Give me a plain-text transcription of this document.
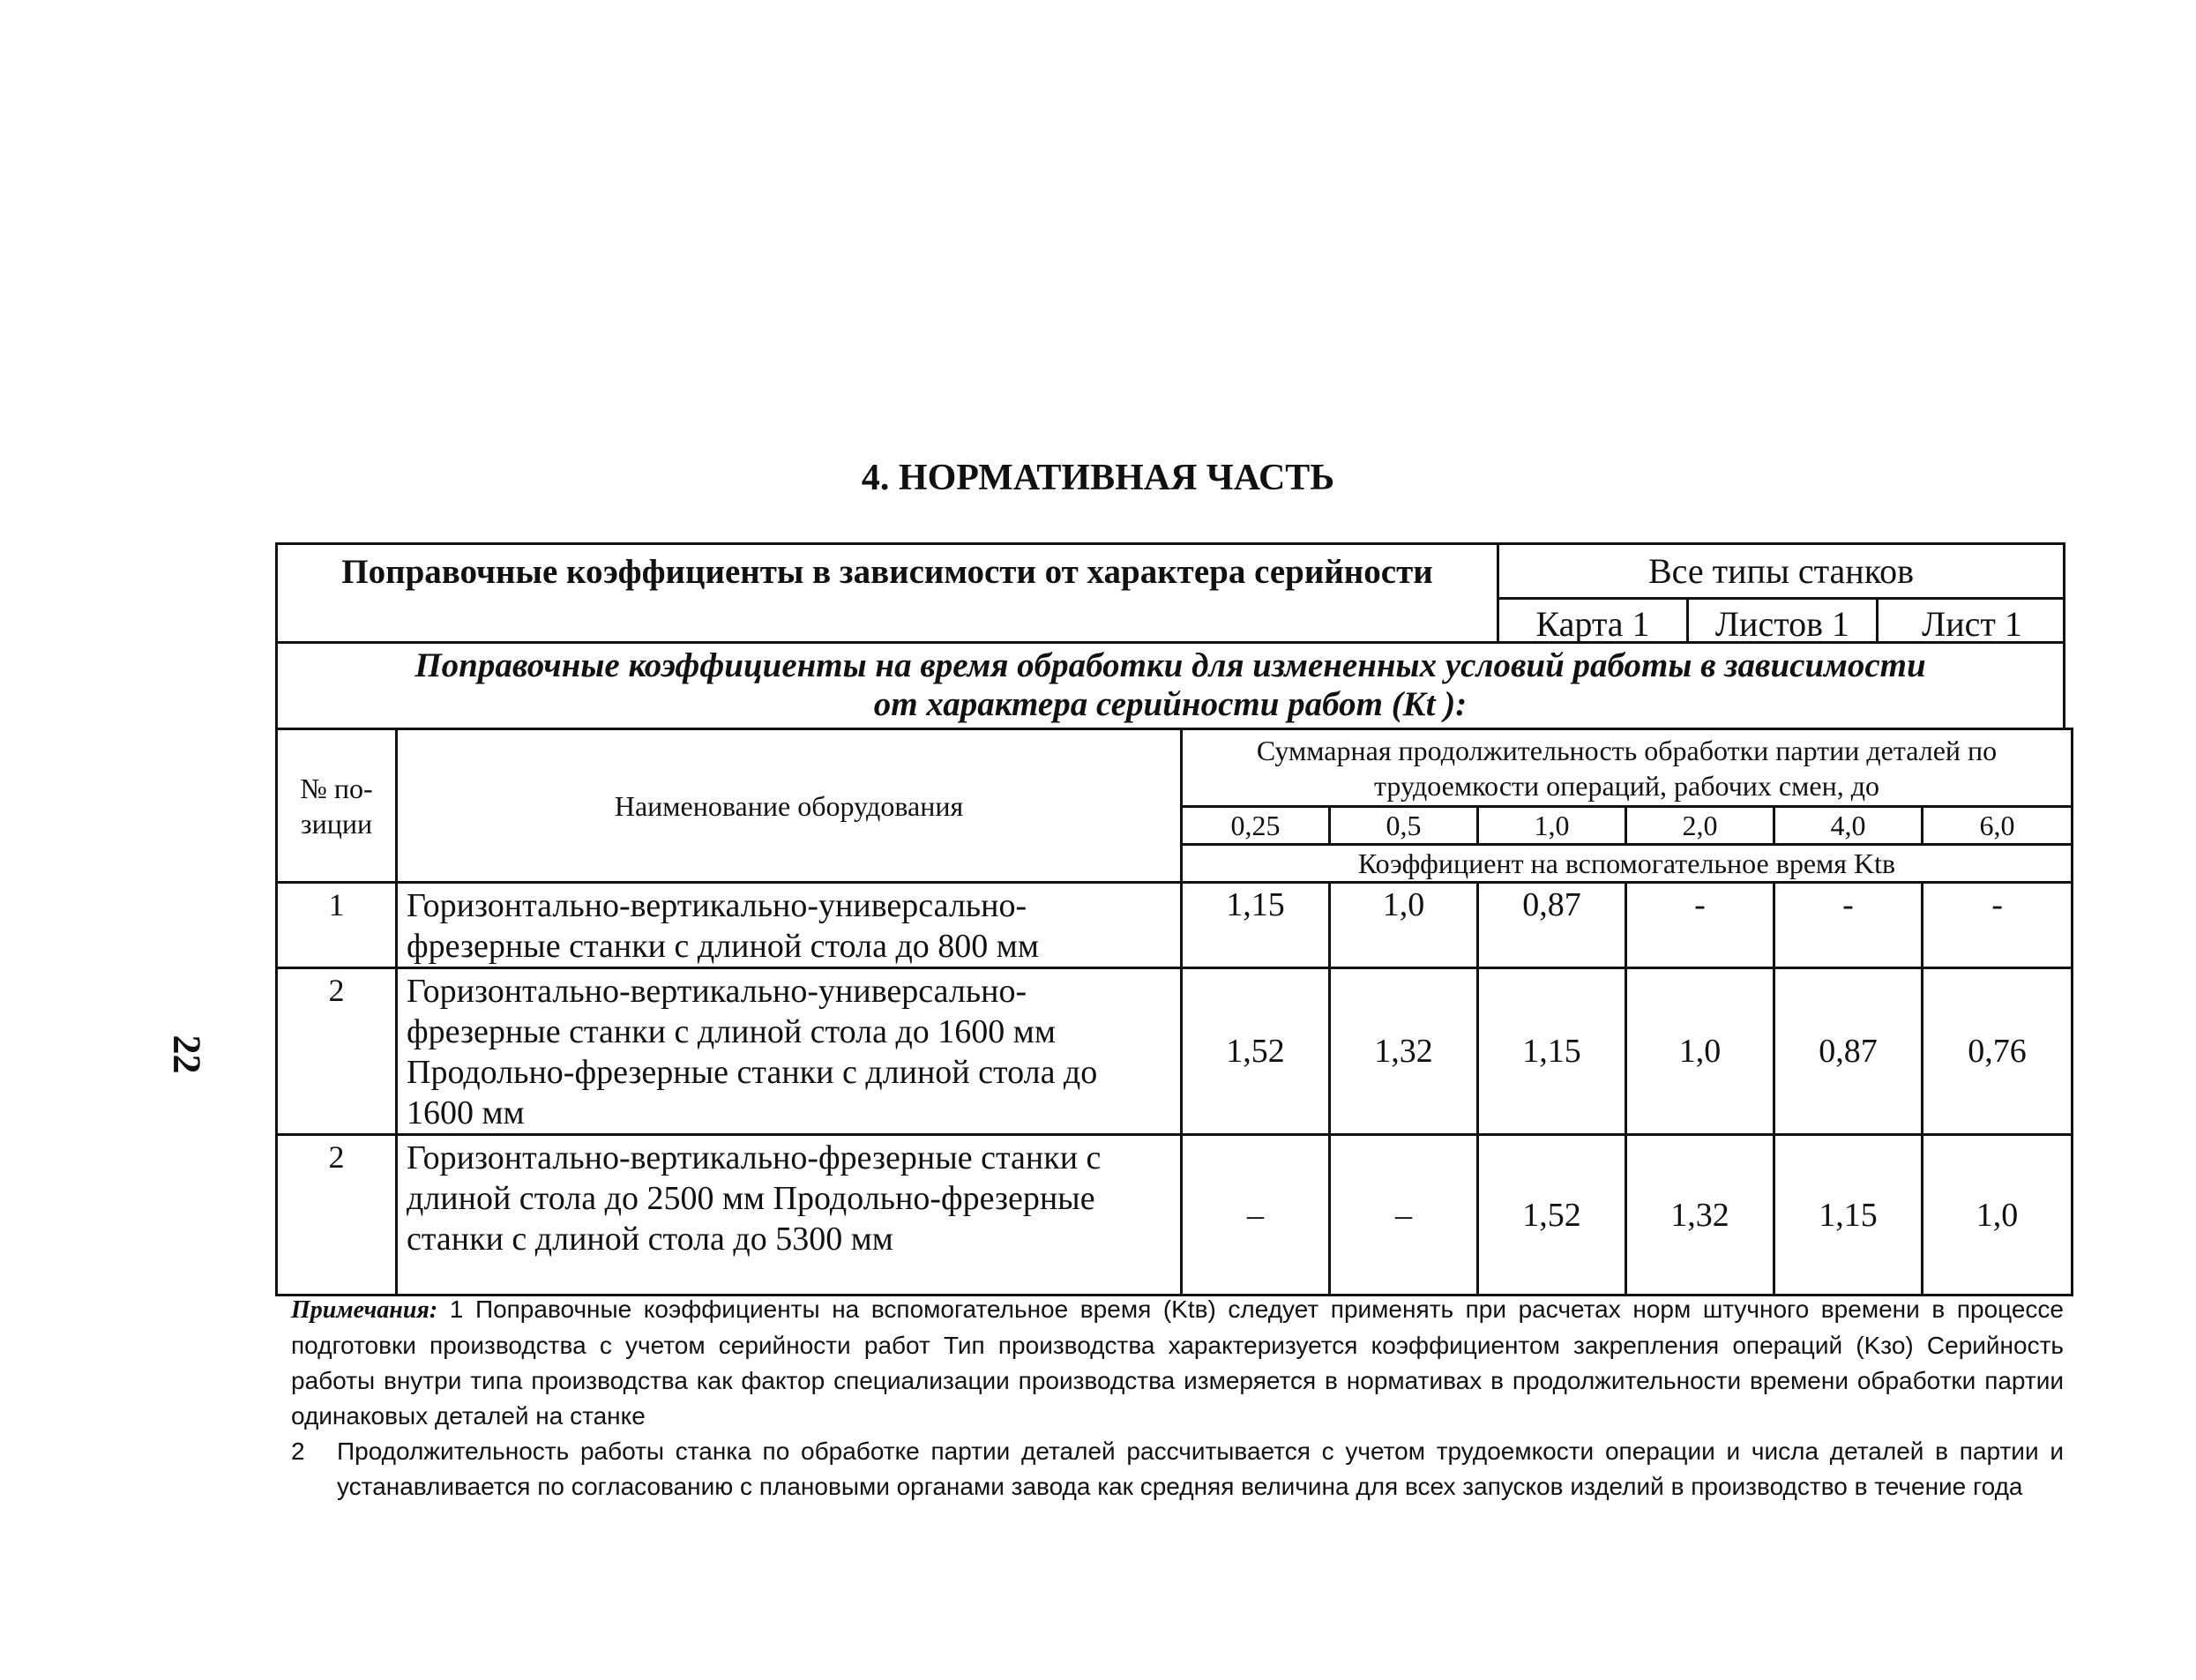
22
4. НОРМАТИВНАЯ ЧАСТЬ
Поправочные коэффициенты в зависимости от характера серийности	Все типы станков
Карта 1	Листов 1	Лист 1
Поправочные коэффициенты на время обработки для измененных условий работы в зависимости
от характера серийности работ (Kt ):
№ по-зиции	Наименование оборудования	Суммарная продолжительность обработки партии деталей по трудоемкости операций, рабочих смен, до					
		0,25	0,5	1,0	2,0	4,0	6,0
		Коэффициент на вспомогательное время Ktв					
1	Горизонтально-вертикально-универсально-фрезерные станки с длиной стола до 800 мм	1,15	1,0	0,87	-	-	-
2	Горизонтально-вертикально-универсально-фрезерные станки с длиной стола до 1600 мм Продольно-фрезерные станки с длиной стола до 1600 мм	1,52	1,32	1,15	1,0	0,87	0,76
2	Горизонтально-вертикально-фрезерные станки с длиной стола до 2500 мм Продольно-фрезерные станки с длиной стола до 5300 мм	–	–	1,52	1,32	1,15	1,0
Примечания: 1 Поправочные коэффициенты на вспомогательное время (Ktв) следует применять при расчетах норм штучного времени в процессе подготовки производства с учетом серийности работ Тип производства характеризуется коэффициентом закрепления операций (Kзо) Серийность работы внутри типа производства как фактор специализации производства измеряется в нормативах в продолжительности времени обработки партии одинаковых деталей на станке
2	Продолжительность работы станка по обработке партии деталей рассчитывается с учетом трудоемкости операции и числа деталей в партии и устанавливается по согласованию с плановыми органами завода как средняя величина для всех запусков изделий в производство в течение года
